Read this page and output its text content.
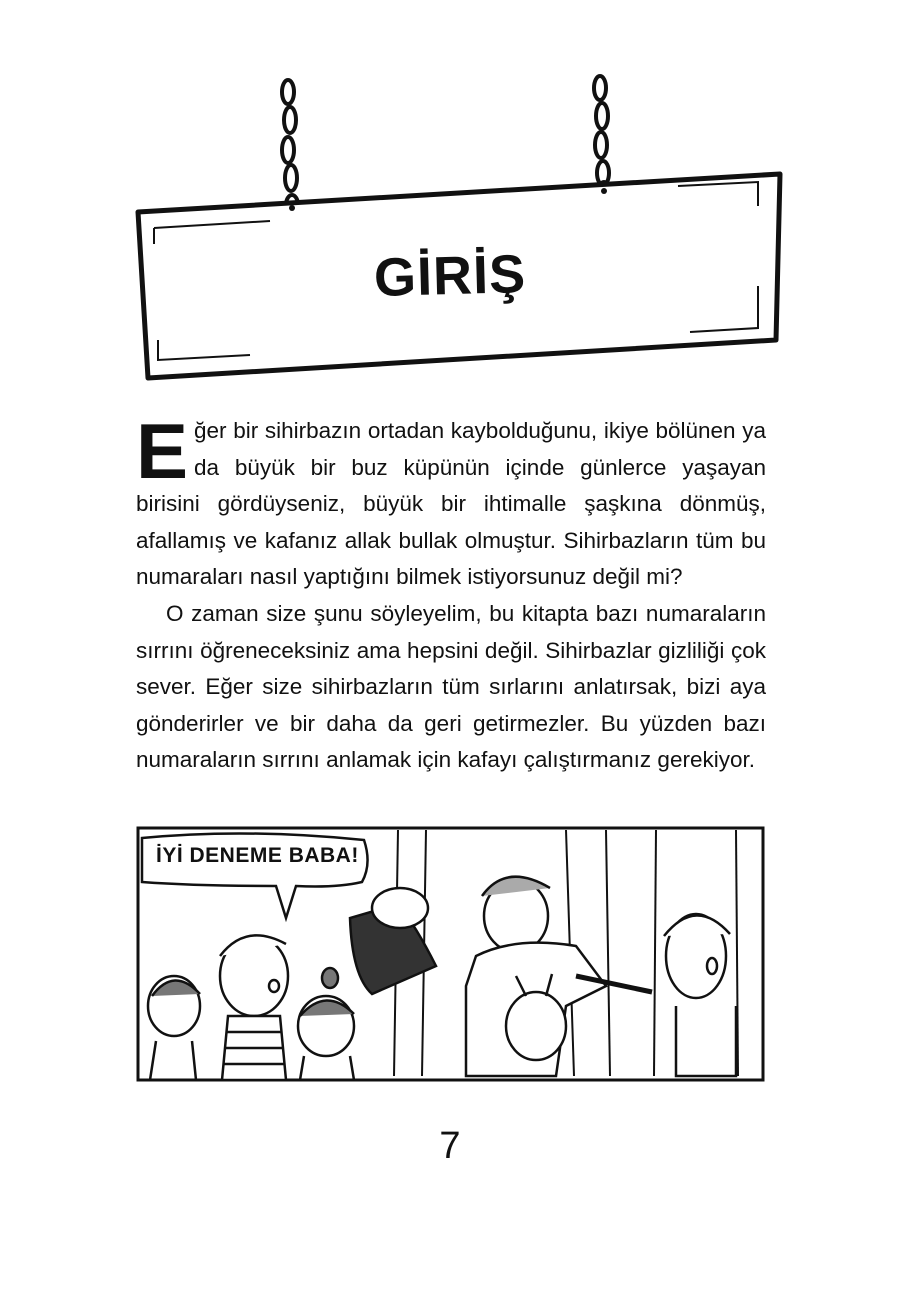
GİRİŞ

Eğer bir sihirbazın ortadan kaybolduğunu, ikiye bölünen ya da büyük bir buz küpünün içinde günlerce yaşayan birisini gördüyseniz, büyük bir ihtimalle şaşkına dönmüş, afallamış ve kafanız allak bullak olmuştur. Sihirbazların tüm bu numaraları nasıl yaptığını bilmek istiyorsunuz değil mi?

O zaman size şunu söyleyelim, bu kitapta bazı numaraların sırrını öğreneceksiniz ama hepsini değil. Sihirbazlar gizliliği çok sever. Eğer size sihirbazların tüm sırlarını anlatırsak, bizi aya gönderirler ve bir daha da geri getirmezler. Bu yüzden bazı numaraların sırrını anlamak için kafayı çalıştırmanız gerekiyor.

İYİ DENEME BABA!
7
